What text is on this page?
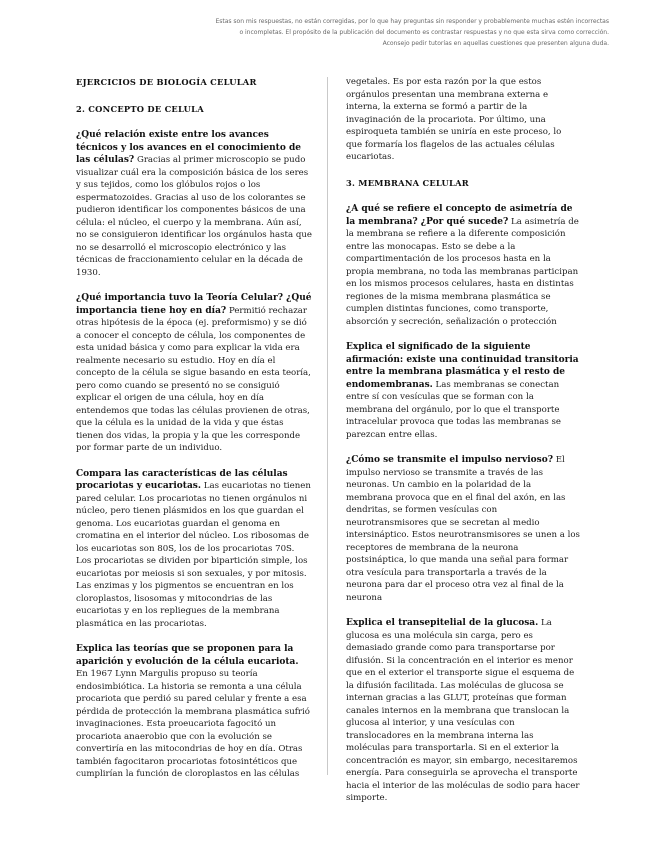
Estas son mis respuestas, no están corregidas, por lo que hay preguntas sin responder y probablemente muchas estén incorrectas
o incompletas. El propósito de la publicación del documento es contrastar respuestas y no que esta sirva como corrección.
Aconsejo pedir tutorías en aquellas cuestiones que presenten alguna duda.
EJERCICIOS DE BIOLOGÍA CELULAR
2. CONCEPTO DE CELULA
¿Qué relación existe entre los avances técnicos y los avances en el conocimiento de las células? Gracias al primer microscopio se pudo visualizar cuál era la composición básica de los seres y sus tejidos, como los glóbulos rojos o los espermatozoides. Gracias al uso de los colorantes se pudieron identificar los componentes básicos de una célula: el núcleo, el cuerpo y la membrana. Aún así, no se consiguieron identificar los orgánulos hasta que no se desarrolló el microscopio electrónico y las técnicas de fraccionamiento celular en la década de 1930.
¿Qué importancia tuvo la Teoría Celular? ¿Qué importancia tiene hoy en día? Permitió rechazar otras hipótesis de la época (ej. preformismo) y se dió a conocer el concepto de célula, los componentes de esta unidad básica y como para explicar la vida era realmente necesario su estudio. Hoy en día el concepto de la célula se sigue basando en esta teoría, pero como cuando se presentó no se consiguió explicar el origen de una célula, hoy en día entendemos que todas las células provienen de otras, que la célula es la unidad de la vida y que éstas tienen dos vidas, la propia y la que les corresponde por formar parte de un individuo.
Compara las características de las células procariotas y eucariotas. Las eucariotas no tienen pared celular. Los procariotas no tienen orgánulos ni núcleo, pero tienen plásmidos en los que guardan el genoma. Los eucariotas guardan el genoma en cromatina en el interior del núcleo. Los ribosomas de los eucariotas son 80S, los de los procariotas 70S. Los procariotas se dividen por bipartición simple, los eucariotas por meiosis si son sexuales, y por mitosis. Las enzimas y los pigmentos se encuentran en los cloroplastos, lisosomas y mitocondrias de las eucariotas y en los repliegues de la membrana plasmática en las procariotas.
Explica las teorías que se proponen para la aparición y evolución de la célula eucariota. En 1967 Lynn Margulis propuso su teoría endosimbiótica. La historia se remonta a una célula procariota que perdió su pared celular y frente a esa pérdida de protección la membrana plasmática sufrió invaginaciones. Esta proeucariota fagocitó un procariota anaerobio que con la evolución se convertiría en las mitocondrias de hoy en día. Otras también fagocitaron procariotas fotosintéticos que cumplirían la función de cloroplastos en las células
vegetales. Es por esta razón por la que estos orgánulos presentan una membrana externa e interna, la externa se formó a partir de la invaginación de la procariota. Por último, una espiroqueta también se uniría en este proceso, lo que formaría los flagelos de las actuales células eucariotas.
3. MEMBRANA CELULAR
¿A qué se refiere el concepto de asimetría de la membrana? ¿Por qué sucede? La asimetría de la membrana se refiere a la diferente composición entre las monocapas. Esto se debe a la compartimentación de los procesos hasta en la propia membrana, no toda las membranas participan en los mismos procesos celulares, hasta en distintas regiones de la misma membrana plasmática se cumplen distintas funciones, como transporte, absorción y secreción, señalización o protección
Explica el significado de la siguiente afirmación: existe una continuidad transitoria entre la membrana plasmática y el resto de endomembranas. Las membranas se conectan entre sí con vesículas que se forman con la membrana del orgánulo, por lo que el transporte intracelular provoca que todas las membranas se parezcan entre ellas.
¿Cómo se transmite el impulso nervioso? El impulso nervioso se transmite a través de las neuronas. Un cambio en la polaridad de la membrana provoca que en el final del axón, en las dendritas, se formen vesículas con neurotransmisores que se secretan al medio intersináptico. Estos neurotransmisores se unen a los receptores de membrana de la neurona postsináptica, lo que manda una señal para formar otra vesícula para transportarla a través de la neurona para dar el proceso otra vez al final de la neurona
Explica el transepitelial de la glucosa. La glucosa es una molécula sin carga, pero es demasiado grande como para transportarse por difusión. Si la concentración en el interior es menor que en el exterior el transporte sigue el esquema de la difusión facilitada. Las moléculas de glucosa se internan gracias a las GLUT, proteínas que forman canales internos en la membrana que translocan la glucosa al interior, y una vesículas con translocadores en la membrana interna las moléculas para transportarla. Si en el exterior la concentración es mayor, sin embargo, necesitaremos energía. Para conseguirla se aprovecha el transporte hacia el interior de las moléculas de sodio para hacer simporte.
